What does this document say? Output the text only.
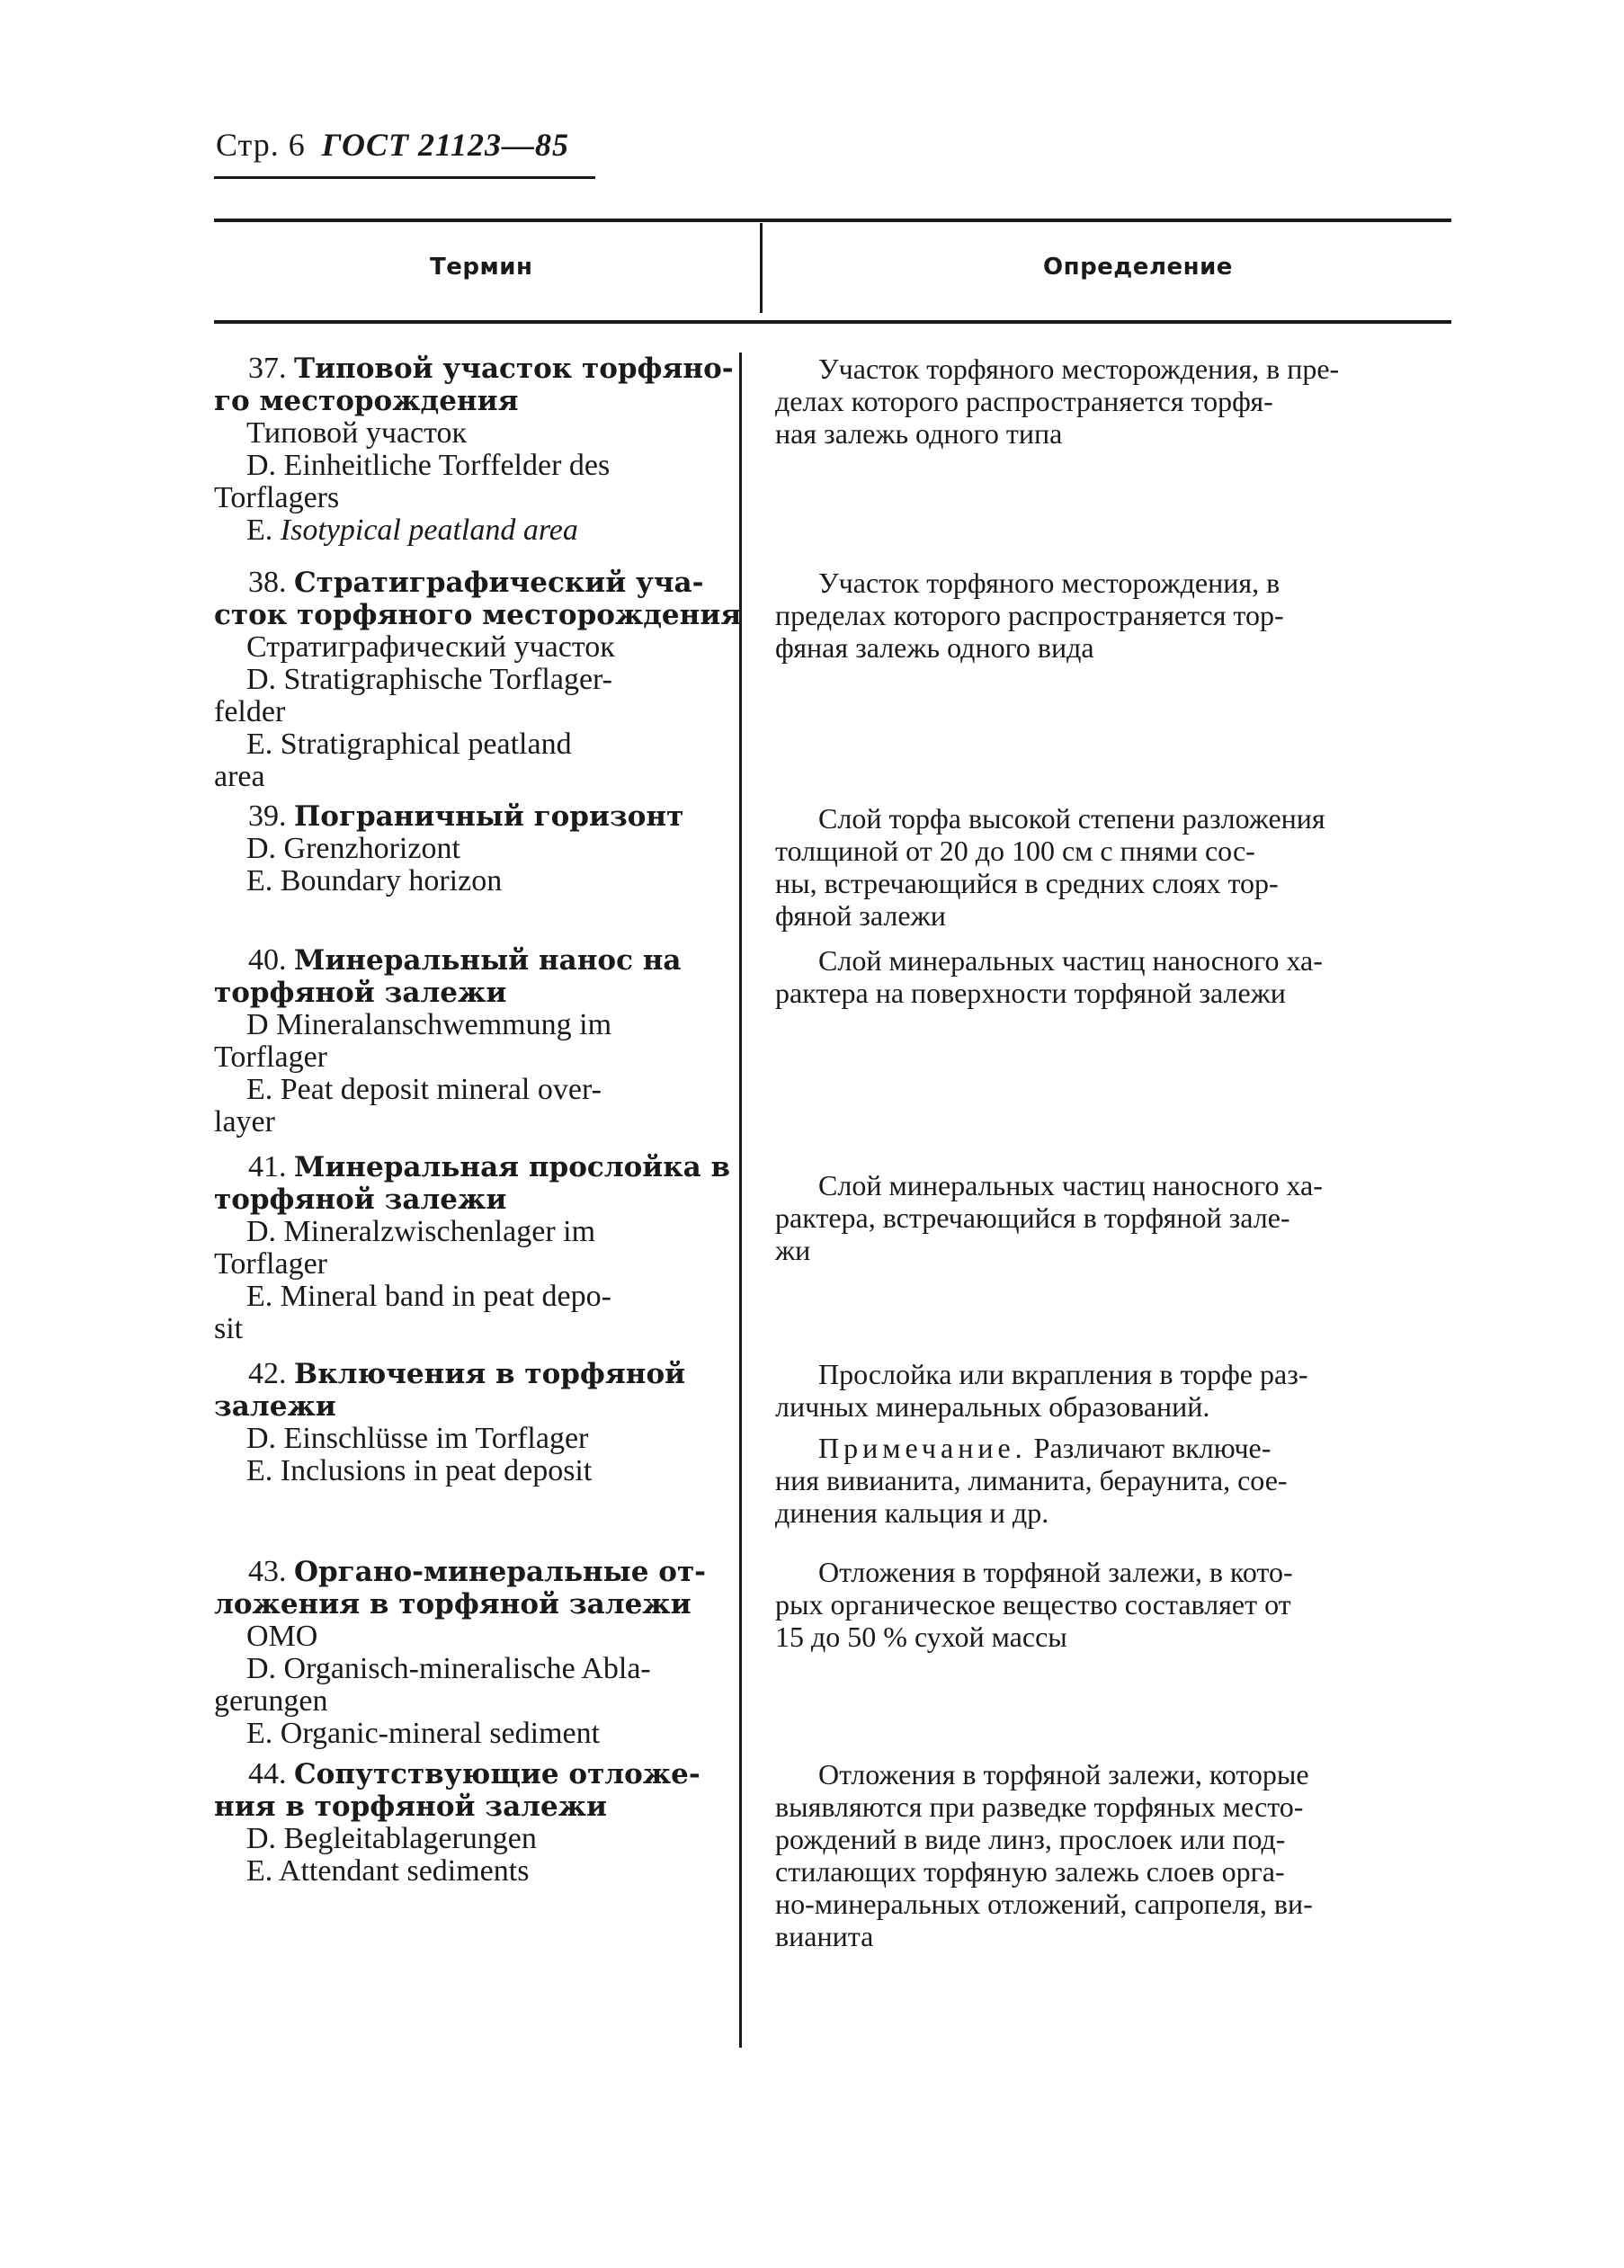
Стр. 6 ГОСТ 21123—85
Термин	Определение
37. Типовой участок торфяно-
го месторождения
Типовой участок
D. Einheitliche Torffelder des
Torflagers
E. Isotypical peatland area
Участок торфяного месторождения, в пре-
делах которого распространяется торфя-
ная залежь одного типа
38. Стратиграфический уча-
сток торфяного месторождения
Стратиграфический участок
D. Stratigraphische Torflager-
felder
E. Stratigraphical peatland
area
Участок торфяного месторождения, в
пределах которого распространяется тор-
фяная залежь одного вида
39. Пограничный горизонт
D. Grenzhorizont
E. Boundary horizon
Слой торфа высокой степени разложения
толщиной от 20 до 100 см с пнями сос-
ны, встречающийся в средних слоях тор-
фяной залежи
40. Минеральный нанос на
торфяной залежи
D Mineralanschwemmung im
Torflager
E. Peat deposit mineral over-
layer
Слой минеральных частиц наносного ха-
рактера на поверхности торфяной залежи
41. Минеральная прослойка в
торфяной залежи
D. Mineralzwischenlager im
Torflager
E. Mineral band in peat depo-
sit
Слой минеральных частиц наносного ха-
рактера, встречающийся в торфяной зале-
жи
42. Включения в торфяной
залежи
D. Einschlüsse im Torflager
E. Inclusions in peat deposit
Прослойка или вкрапления в торфе раз-
личных минеральных образований.
Примечание. Различают включе-
ния вивианита, лиманита, бераунита, сое-
динения кальция и др.
43. Органо-минеральные от-
ложения в торфяной залежи
ОМО
D. Organisch-mineralische Abla-
gerungen
E. Organic-mineral sediment
Отложения в торфяной залежи, в кото-
рых органическое вещество составляет от
15 до 50 % сухой массы
44. Сопутствующие отложе-
ния в торфяной залежи
D. Begleitablagerungen
E. Attendant sediments
Отложения в торфяной залежи, которые
выявляются при разведке торфяных место-
рождений в виде линз, прослоек или под-
стилающих торфяную залежь слоев орга-
но-минеральных отложений, сапропеля, ви-
вианита
